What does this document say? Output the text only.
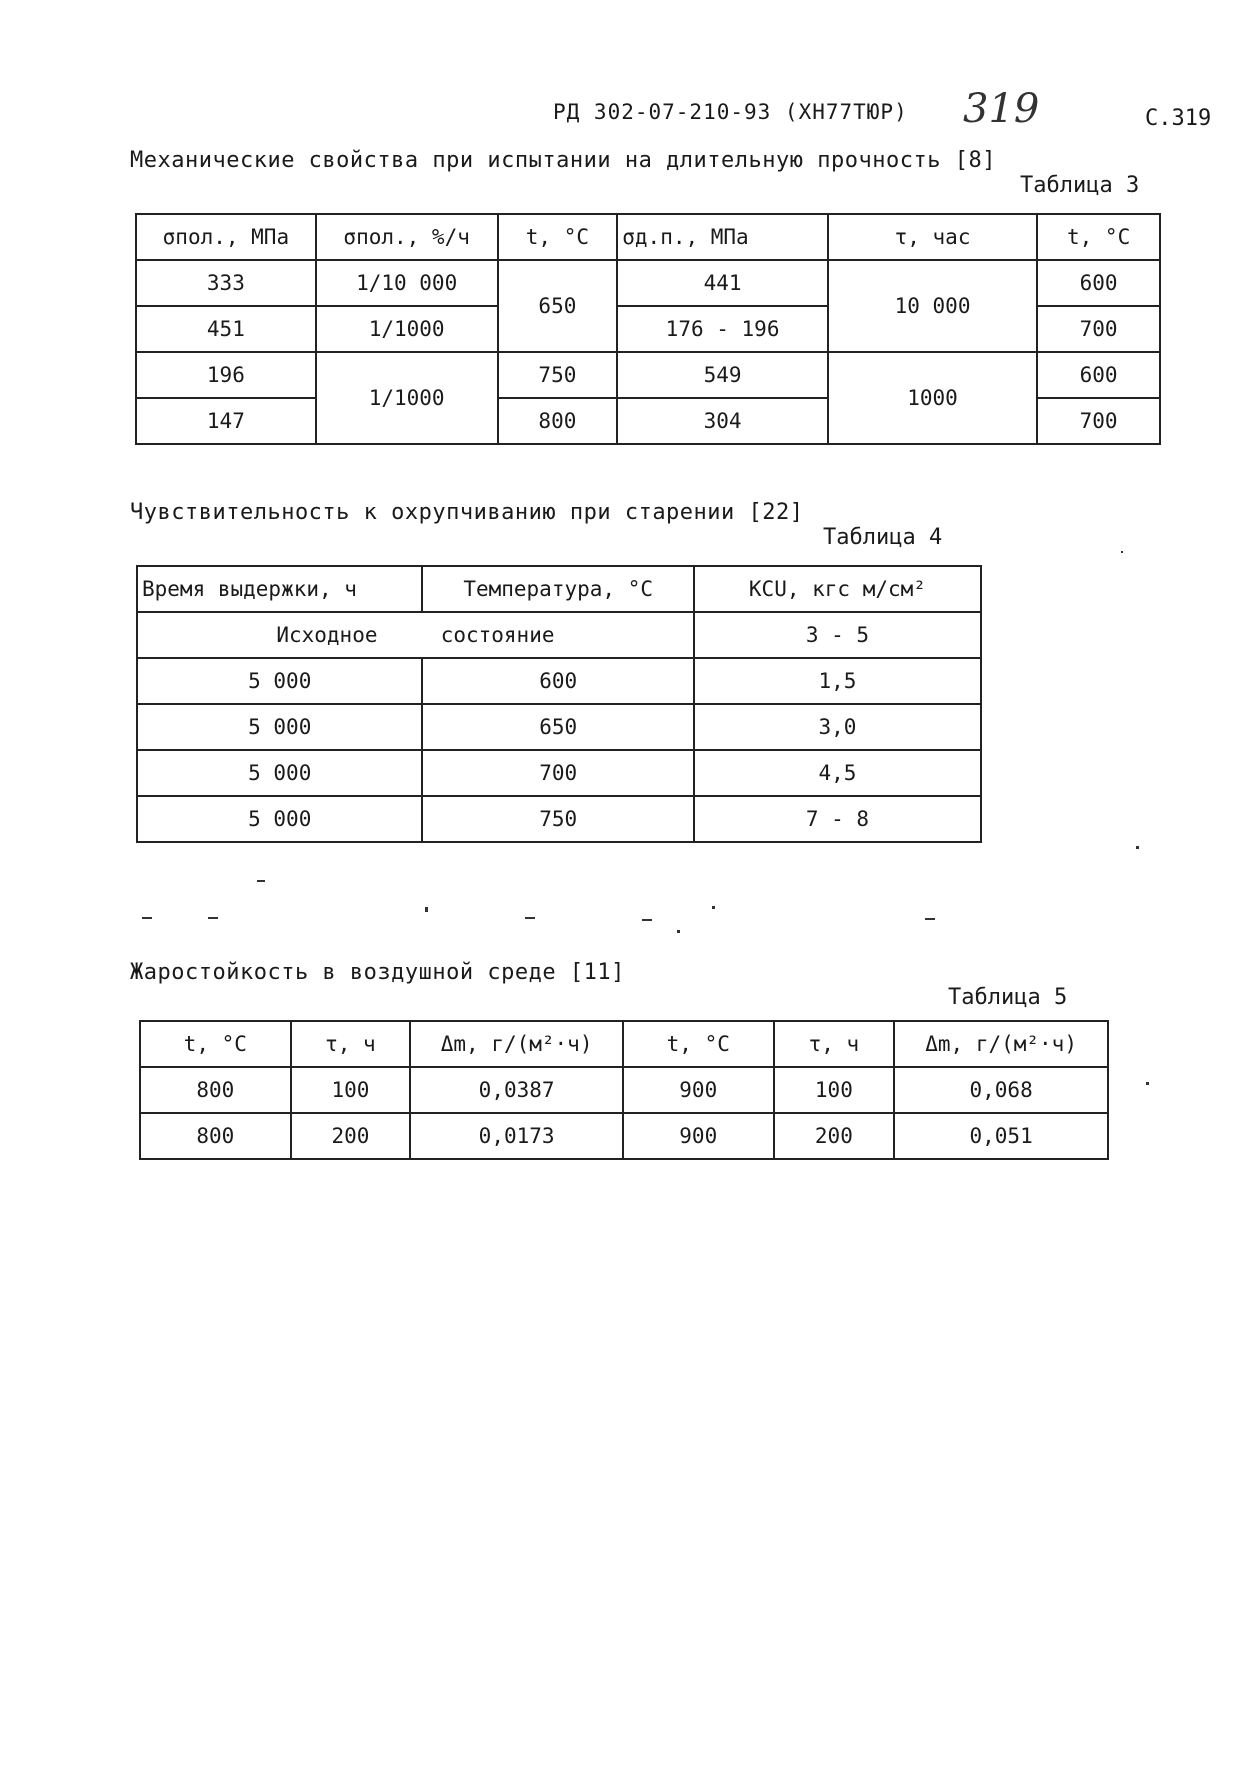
РД 302-07-210-93 (ХН77ТЮР) 319	С.319
Механические свойства при испытании на длительную прочность [8]
Таблица 3
σпол., МПа	σпол., %/ч	t, °C	σд.п., МПа	τ, час	t, °C
333	1/10 000	650	441	10 000	600
451	1/1000		176 - 196		700
196	1/1000	750	549	1000	600
147		800	304		700
Чувствительность к охрупчиванию при старении [22]
Таблица 4
Время выдержки, ч	Температура, °C	KCU, кгс м/см²
Исходное     состояние		3 - 5
5 000	600	1,5
5 000	650	3,0
5 000	700	4,5
5 000	750	7 - 8
Жаростойкость в воздушной среде [11]
Таблица 5
t, °C	τ, ч	Δm, г/(м²·ч)	t, °C	τ, ч	Δm, г/(м²·ч)
800	100	0,0387	900	100	0,068
800	200	0,0173	900	200	0,051
